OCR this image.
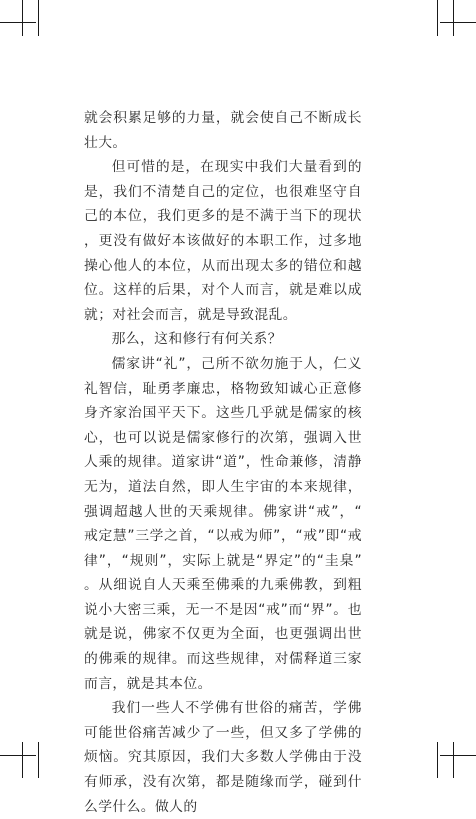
就会积累足够的力量，就会使自己不断成长壮大。

但可惜的是，在现实中我们大量看到的是，我们不清楚自己的定位，也很难坚守自己的本位，我们更多的是不满于当下的现状，更没有做好本该做好的本职工作，过多地操心他人的本位，从而出现太多的错位和越位。这样的后果，对个人而言，就是难以成就；对社会而言，就是导致混乱。

那么，这和修行有何关系？

儒家讲“礼”，己所不欲勿施于人，仁义礼智信，耻勇孝廉忠，格物致知诚心正意修身齐家治国平天下。这些几乎就是儒家的核心，也可以说是儒家修行的次第，强调入世人乘的规律。道家讲“道”，性命兼修，清静无为，道法自然，即人生宇宙的本来规律，强调超越人世的天乘规律。佛家讲“戒”，“戒定慧”三学之首，“以戒为师”，“戒”即“戒律”，“规则”，实际上就是“界定”的“圭臬”。从细说自人天乘至佛乘的九乘佛教，到粗说小大密三乘，无一不是因“戒”而“界”。也就是说，佛家不仅更为全面，也更强调出世的佛乘的规律。而这些规律，对儒释道三家而言，就是其本位。

我们一些人不学佛有世俗的痛苦，学佛可能世俗痛苦减少了一些，但又多了学佛的烦恼。究其原因，我们大多数人学佛由于没有师承，没有次第，都是随缘而学，碰到什么学什么。做人的
